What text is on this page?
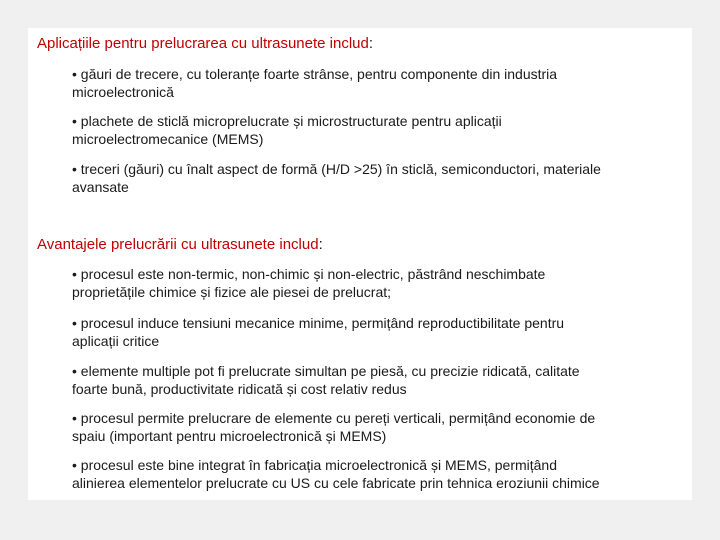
Aplicațiile pentru prelucrarea cu ultrasunete includ:
• găuri de trecere, cu toleranțe foarte strânse, pentru componente din industria
microelectronică
• plachete de sticlă microprelucrate și microstructurate pentru aplicații
microelectromecanice (MEMS)
• treceri (găuri) cu înalt aspect de formă (H/D >25) în sticlă, semiconductori, materiale
avansate
Avantajele prelucrării cu ultrasunete includ:
• procesul este non-termic, non-chimic și non-electric, păstrând neschimbate
proprietățile chimice și fizice ale piesei de prelucrat;
• procesul induce tensiuni mecanice minime, permițând reproductibilitate pentru
aplicații critice
• elemente multiple pot fi prelucrate simultan pe piesă, cu precizie ridicată, calitate
foarte bună, productivitate ridicată și cost relativ redus
• procesul permite prelucrare de elemente cu pereți verticali, permițând economie de
spaiu (important pentru microelectronică și MEMS)
• procesul este bine integrat în fabricația microelectronică și MEMS, permițând
alinierea elementelor prelucrate cu US cu cele fabricate prin tehnica eroziunii chimice
